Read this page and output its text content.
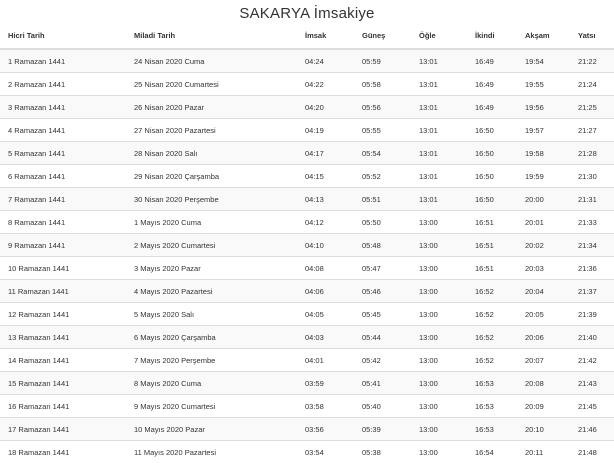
SAKARYA İmsakiye
Hicri Tarih	Miladi Tarih	İmsak	Güneş	Öğle	İkindi	Akşam	Yatsı
1 Ramazan 1441	24 Nisan 2020 Cuma	04:24	05:59	13:01	16:49	19:54	21:22
2 Ramazan 1441	25 Nisan 2020 Cumartesi	04:22	05:58	13:01	16:49	19:55	21:24
3 Ramazan 1441	26 Nisan 2020 Pazar	04:20	05:56	13:01	16:49	19:56	21:25
4 Ramazan 1441	27 Nisan 2020 Pazartesi	04:19	05:55	13:01	16:50	19:57	21:27
5 Ramazan 1441	28 Nisan 2020 Salı	04:17	05:54	13:01	16:50	19:58	21:28
6 Ramazan 1441	29 Nisan 2020 Çarşamba	04:15	05:52	13:01	16:50	19:59	21:30
7 Ramazan 1441	30 Nisan 2020 Perşembe	04:13	05:51	13:01	16:50	20:00	21:31
8 Ramazan 1441	1 Mayıs 2020 Cuma	04:12	05:50	13:00	16:51	20:01	21:33
9 Ramazan 1441	2 Mayıs 2020 Cumartesi	04:10	05:48	13:00	16:51	20:02	21:34
10 Ramazan 1441	3 Mayıs 2020 Pazar	04:08	05:47	13:00	16:51	20:03	21:36
11 Ramazan 1441	4 Mayıs 2020 Pazartesi	04:06	05:46	13:00	16:52	20:04	21:37
12 Ramazan 1441	5 Mayıs 2020 Salı	04:05	05:45	13:00	16:52	20:05	21:39
13 Ramazan 1441	6 Mayıs 2020 Çarşamba	04:03	05:44	13:00	16:52	20:06	21:40
14 Ramazan 1441	7 Mayıs 2020 Perşembe	04:01	05:42	13:00	16:52	20:07	21:42
15 Ramazan 1441	8 Mayıs 2020 Cuma	03:59	05:41	13:00	16:53	20:08	21:43
16 Ramazan 1441	9 Mayıs 2020 Cumartesi	03:58	05:40	13:00	16:53	20:09	21:45
17 Ramazan 1441	10 Mayıs 2020 Pazar	03:56	05:39	13:00	16:53	20:10	21:46
18 Ramazan 1441	11 Mayıs 2020 Pazartesi	03:54	05:38	13:00	16:54	20:11	21:48
